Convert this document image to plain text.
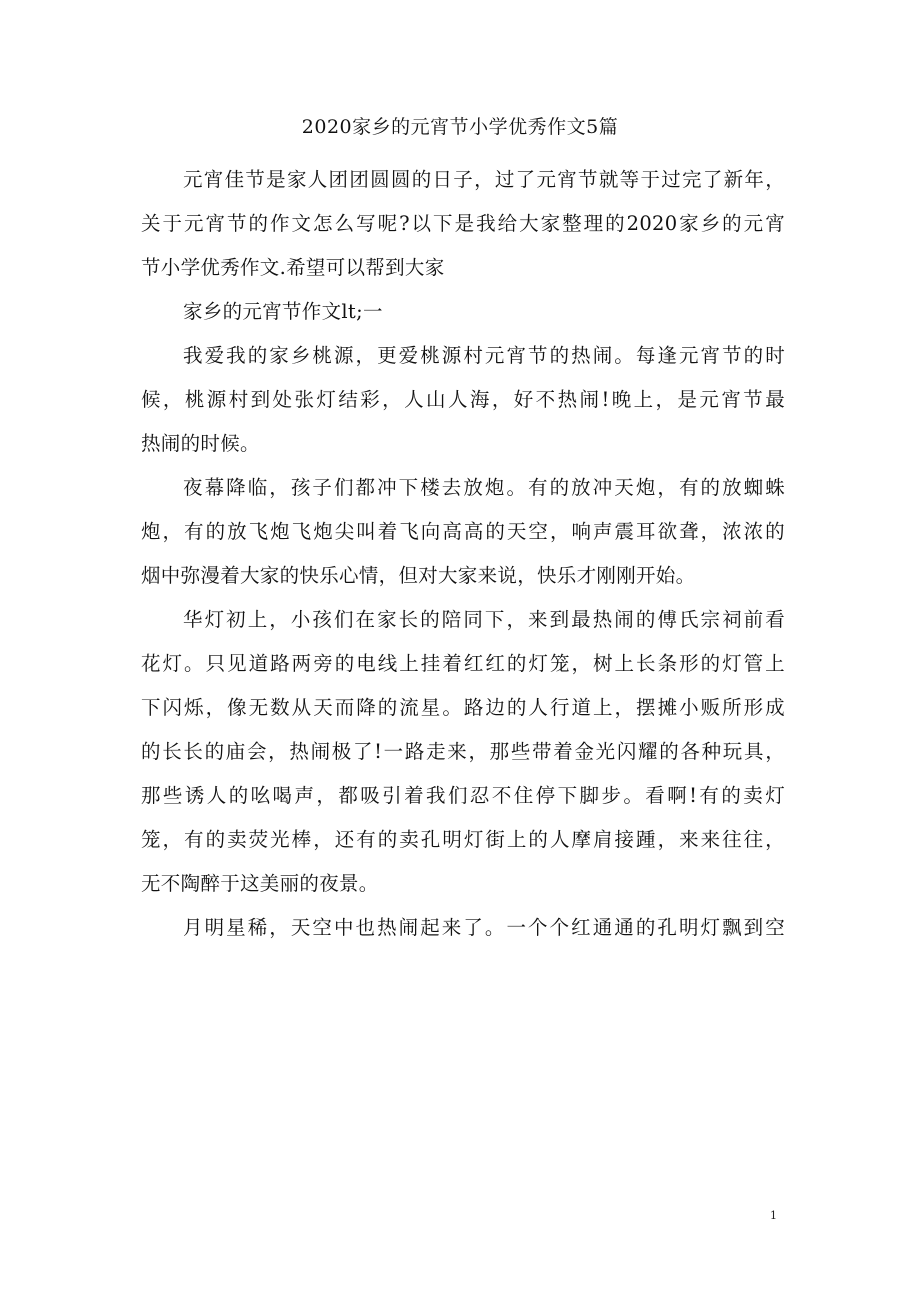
2020家乡的元宵节小学优秀作文5篇
元宵佳节是家人团团圆圆的日子，过了元宵节就等于过完了新年，
关于元宵节的作文怎么写呢?以下是我给大家整理的2020家乡的元宵
节小学优秀作文.希望可以帮到大家
家乡的元宵节作文lt;一
我爱我的家乡桃源，更爱桃源村元宵节的热闹。每逢元宵节的时
候，桃源村到处张灯结彩，人山人海，好不热闹!晚上，是元宵节最
热闹的时候。
夜幕降临，孩子们都冲下楼去放炮。有的放冲天炮，有的放蜘蛛
炮，有的放飞炮飞炮尖叫着飞向高高的天空，响声震耳欲聋，浓浓的
烟中弥漫着大家的快乐心情，但对大家来说，快乐才刚刚开始。
华灯初上，小孩们在家长的陪同下，来到最热闹的傅氏宗祠前看
花灯。只见道路两旁的电线上挂着红红的灯笼，树上长条形的灯管上
下闪烁，像无数从天而降的流星。路边的人行道上，摆摊小贩所形成
的长长的庙会，热闹极了!一路走来，那些带着金光闪耀的各种玩具，
那些诱人的吆喝声，都吸引着我们忍不住停下脚步。看啊!有的卖灯
笼，有的卖荧光棒，还有的卖孔明灯街上的人摩肩接踵，来来往往，
无不陶醉于这美丽的夜景。
月明星稀，天空中也热闹起来了。一个个红通通的孔明灯飘到空
1
